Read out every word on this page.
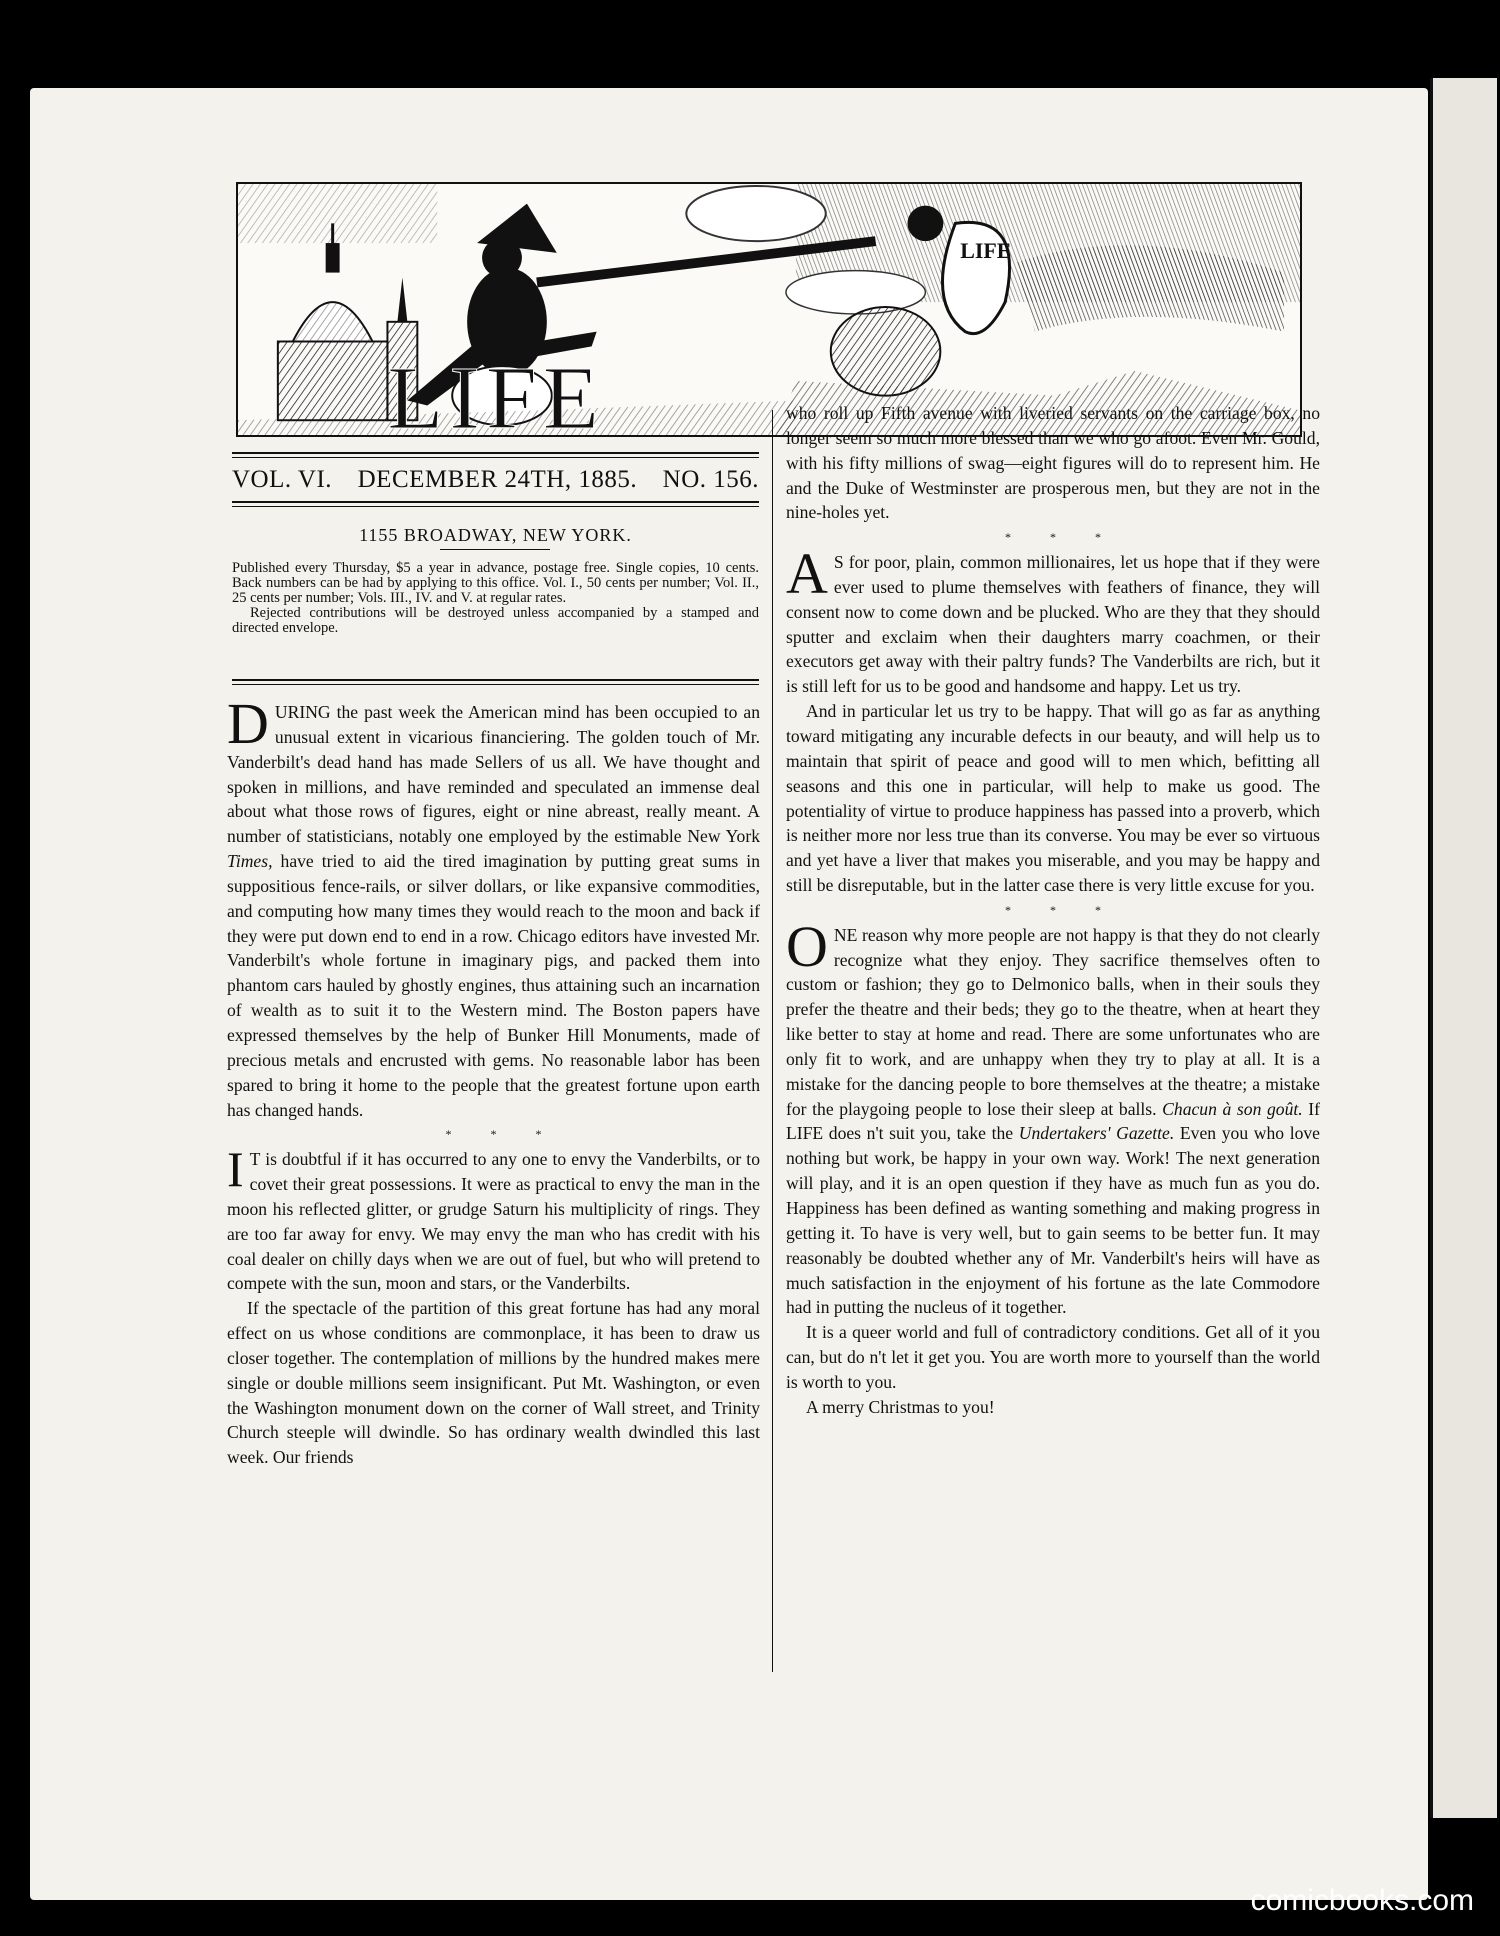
LIFE
LIFE
VOL. VI. DECEMBER 24TH, 1885. NO. 156.
1155 BROADWAY, NEW YORK.

Published every Thursday, $5 a year in advance, postage free. Single copies, 10 cents. Back numbers can be had by applying to this office. Vol. I., 50 cents per number; Vol. II., 25 cents per number; Vols. III., IV. and V. at regular rates.

Rejected contributions will be destroyed unless accompanied by a stamped and directed envelope.

DURING the past week the American mind has been occupied to an unusual extent in vicarious financiering. The golden touch of Mr. Vanderbilt's dead hand has made Sellers of us all. We have thought and spoken in millions, and have reminded and speculated an immense deal about what those rows of figures, eight or nine abreast, really meant. A number of statisticians, notably one employed by the estimable New York Times, have tried to aid the tired imagination by putting great sums in suppositious fence-rails, or silver dollars, or like expansive commodities, and computing how many times they would reach to the moon and back if they were put down end to end in a row. Chicago editors have invested Mr. Vanderbilt's whole fortune in imaginary pigs, and packed them into phantom cars hauled by ghostly engines, thus attaining such an incarnation of wealth as to suit it to the Western mind. The Boston papers have expressed themselves by the help of Bunker Hill Monuments, made of precious metals and encrusted with gems. No reasonable labor has been spared to bring it home to the people that the greatest fortune upon earth has changed hands.

* * *

I T is doubtful if it has occurred to any one to envy the Vanderbilts, or to covet their great possessions. It were as practical to envy the man in the moon his reflected glitter, or grudge Saturn his multiplicity of rings. They are too far away for envy. We may envy the man who has credit with his coal dealer on chilly days when we are out of fuel, but who will pretend to compete with the sun, moon and stars, or the Vanderbilts.

If the spectacle of the partition of this great fortune has had any moral effect on us whose conditions are commonplace, it has been to draw us closer together. The contemplation of millions by the hundred makes mere single or double millions seem insignificant. Put Mt. Washington, or even the Washington monument down on the corner of Wall street, and Trinity Church steeple will dwindle. So has ordinary wealth dwindled this last week. Our friends

who roll up Fifth avenue with liveried servants on the carriage box, no longer seem so much more blessed than we who go afoot. Even Mr. Gould, with his fifty millions of swag—eight figures will do to represent him. He and the Duke of Westminster are prosperous men, but they are not in the nine-holes yet.

* * *

A S for poor, plain, common millionaires, let us hope that if they were ever used to plume themselves with feathers of finance, they will consent now to come down and be plucked. Who are they that they should sputter and exclaim when their daughters marry coachmen, or their executors get away with their paltry funds? The Vanderbilts are rich, but it is still left for us to be good and handsome and happy. Let us try.

And in particular let us try to be happy. That will go as far as anything toward mitigating any incurable defects in our beauty, and will help us to maintain that spirit of peace and good will to men which, befitting all seasons and this one in particular, will help to make us good. The potentiality of virtue to produce happiness has passed into a proverb, which is neither more nor less true than its converse. You may be ever so virtuous and yet have a liver that makes you miserable, and you may be happy and still be disreputable, but in the latter case there is very little excuse for you.

* * *

ONE reason why more people are not happy is that they do not clearly recognize what they enjoy. They sacrifice themselves often to custom or fashion; they go to Delmonico balls, when in their souls they prefer the theatre and their beds; they go to the theatre, when at heart they like better to stay at home and read. There are some unfortunates who are only fit to work, and are unhappy when they try to play at all. It is a mistake for the dancing people to bore themselves at the theatre; a mistake for the playgoing people to lose their sleep at balls. Chacun à son goût. If LIFE does n't suit you, take the Undertakers' Gazette. Even you who love nothing but work, be happy in your own way. Work! The next generation will play, and it is an open question if they have as much fun as you do. Happiness has been defined as wanting something and making progress in getting it. To have is very well, but to gain seems to be better fun. It may reasonably be doubted whether any of Mr. Vanderbilt's heirs will have as much satisfaction in the enjoyment of his fortune as the late Commodore had in putting the nucleus of it together.

It is a queer world and full of contradictory conditions. Get all of it you can, but do n't let it get you. You are worth more to yourself than the world is worth to you.

A merry Christmas to you!

comicbooks.com
